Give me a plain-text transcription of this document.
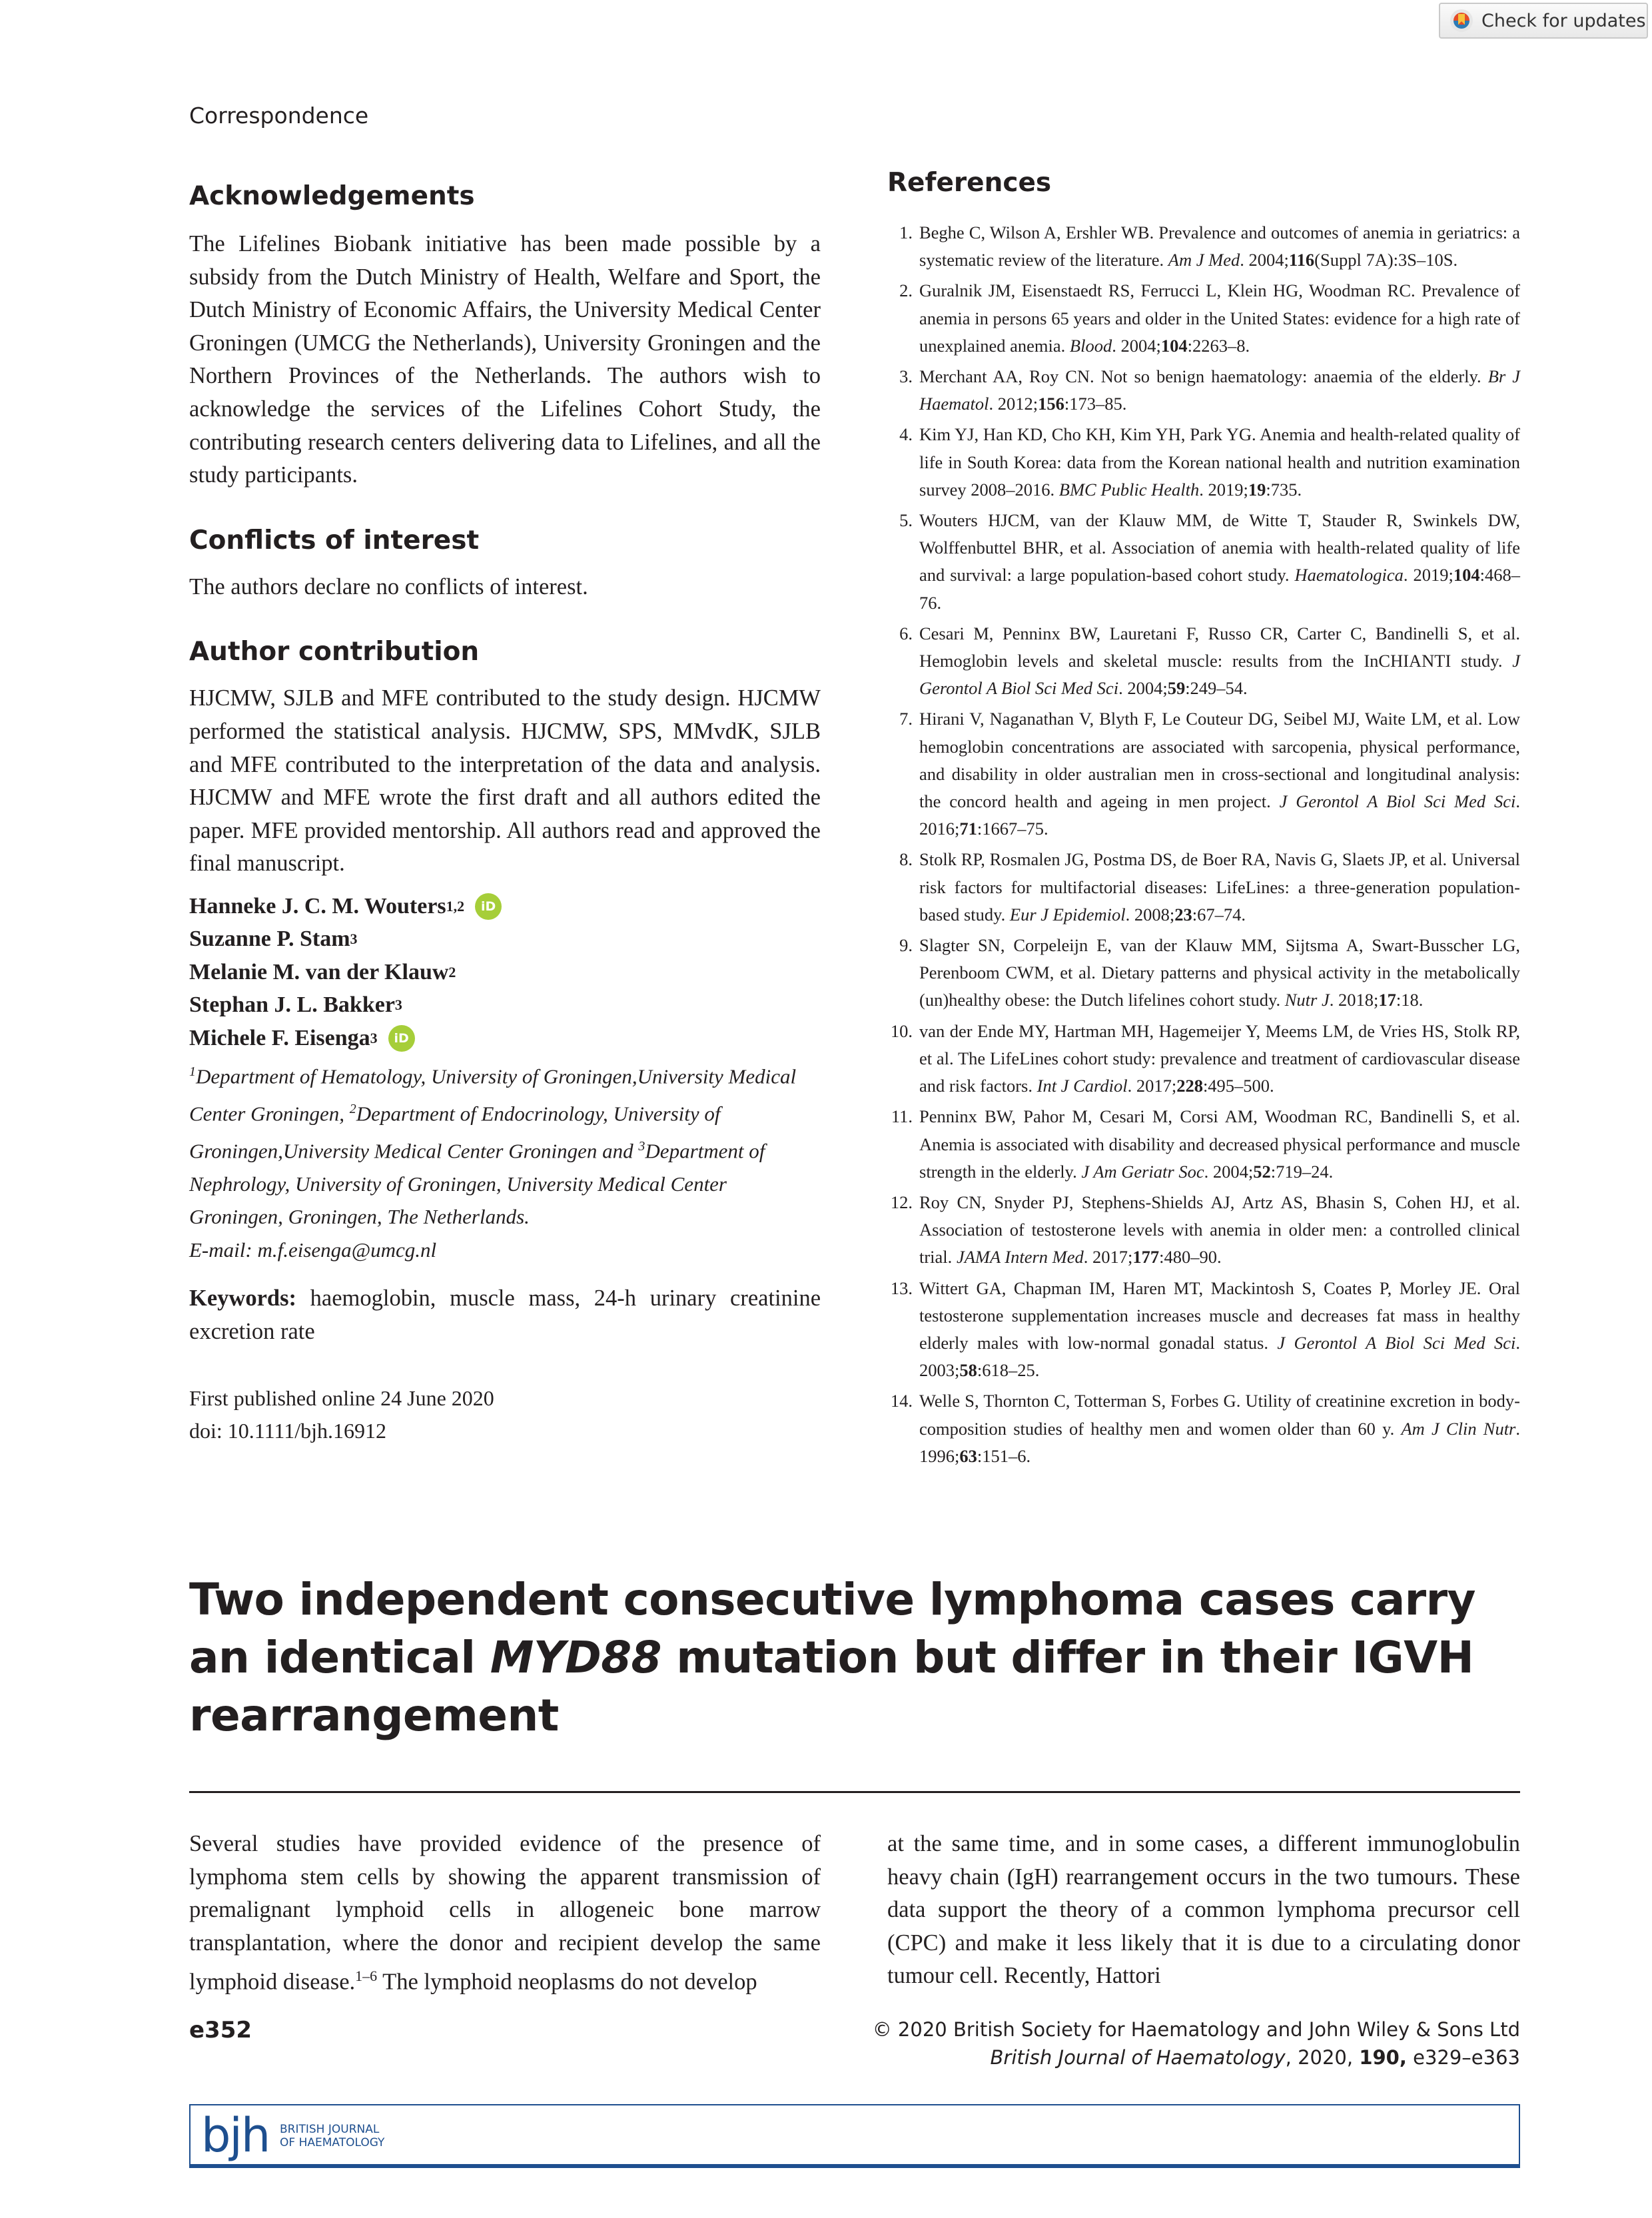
Check for updates
Correspondence
Acknowledgements

The Lifelines Biobank initiative has been made possible by a subsidy from the Dutch Ministry of Health, Welfare and Sport, the Dutch Ministry of Economic Affairs, the University Medical Center Groningen (UMCG the Netherlands), University Groningen and the Northern Provinces of the Netherlands. The authors wish to acknowledge the services of the Lifelines Cohort Study, the contributing research centers delivering data to Lifelines, and all the study participants.

Conflicts of interest

The authors declare no conflicts of interest.

Author contribution

HJCMW, SJLB and MFE contributed to the study design. HJCMW performed the statistical analysis. HJCMW, SPS, MMvdK, SJLB and MFE contributed to the interpretation of the data and analysis. HJCMW and MFE wrote the first draft and all authors edited the paper. MFE provided mentorship. All authors read and approved the final manuscript.

Hanneke J. C. M. Wouters 1,2	iD
Suzanne P. Stam 3
Melanie M. van der Klauw 2
Stephan J. L. Bakker 3
Michele F. Eisenga 3	iD

$^1$Department of Hematology, University of Groningen,University Medical Center Groningen, $^2$Department of Endocrinology, University of Groningen,University Medical Center Groningen and $^3$Department of Nephrology, University of Groningen, University Medical Center Groningen, Groningen, The Netherlands.

E-mail: m.f.eisenga@umcg.nl

Keywords: haemoglobin, muscle mass, 24-h urinary creatinine excretion rate

First published online 24 June 2020

doi: 10.1111/bjh.16912

References
1. Beghe C, Wilson A, Ershler WB. Prevalence and outcomes of anemia in geriatrics: a systematic review of the literature. Am J Med. 2004;116(Suppl 7A):3S–10S.
2. Guralnik JM, Eisenstaedt RS, Ferrucci L, Klein HG, Woodman RC. Prevalence of anemia in persons 65 years and older in the United States: evidence for a high rate of unexplained anemia. Blood. 2004;104:2263–8.
3. Merchant AA, Roy CN. Not so benign haematology: anaemia of the elderly. Br J Haematol. 2012;156:173–85.
4. Kim YJ, Han KD, Cho KH, Kim YH, Park YG. Anemia and health-related quality of life in South Korea: data from the Korean national health and nutrition examination survey 2008–2016. BMC Public Health. 2019;19:735.
5. Wouters HJCM, van der Klauw MM, de Witte T, Stauder R, Swinkels DW, Wolffenbuttel BHR, et al. Association of anemia with health-related quality of life and survival: a large population-based cohort study. Haematologica. 2019;104:468–76.
6. Cesari M, Penninx BW, Lauretani F, Russo CR, Carter C, Bandinelli S, et al. Hemoglobin levels and skeletal muscle: results from the InCHIANTI study. J Gerontol A Biol Sci Med Sci. 2004;59:249–54.
7. Hirani V, Naganathan V, Blyth F, Le Couteur DG, Seibel MJ, Waite LM, et al. Low hemoglobin concentrations are associated with sarcopenia, physical performance, and disability in older australian men in cross-sectional and longitudinal analysis: the concord health and ageing in men project. J Gerontol A Biol Sci Med Sci. 2016;71:1667–75.
8. Stolk RP, Rosmalen JG, Postma DS, de Boer RA, Navis G, Slaets JP, et al. Universal risk factors for multifactorial diseases: LifeLines: a three-generation population-based study. Eur J Epidemiol. 2008;23:67–74.
9. Slagter SN, Corpeleijn E, van der Klauw MM, Sijtsma A, Swart-Busscher LG, Perenboom CWM, et al. Dietary patterns and physical activity in the metabolically (un)healthy obese: the Dutch lifelines cohort study. Nutr J. 2018;17:18.
10. van der Ende MY, Hartman MH, Hagemeijer Y, Meems LM, de Vries HS, Stolk RP, et al. The LifeLines cohort study: prevalence and treatment of cardiovascular disease and risk factors. Int J Cardiol. 2017;228:495–500.
11. Penninx BW, Pahor M, Cesari M, Corsi AM, Woodman RC, Bandinelli S, et al. Anemia is associated with disability and decreased physical performance and muscle strength in the elderly. J Am Geriatr Soc. 2004;52:719–24.
12. Roy CN, Snyder PJ, Stephens-Shields AJ, Artz AS, Bhasin S, Cohen HJ, et al. Association of testosterone levels with anemia in older men: a controlled clinical trial. JAMA Intern Med. 2017;177:480–90.
13. Wittert GA, Chapman IM, Haren MT, Mackintosh S, Coates P, Morley JE. Oral testosterone supplementation increases muscle and decreases fat mass in healthy elderly males with low-normal gonadal status. J Gerontol A Biol Sci Med Sci. 2003;58:618–25.
14. Welle S, Thornton C, Totterman S, Forbes G. Utility of creatinine excretion in body-composition studies of healthy men and women older than 60 y. Am J Clin Nutr. 1996;63:151–6.
Two independent consecutive lymphoma cases carry an identical MYD88 mutation but differ in their IGVH rearrangement

Several studies have provided evidence of the presence of lymphoma stem cells by showing the apparent transmission of premalignant lymphoid cells in allogeneic bone marrow transplantation, where the donor and recipient develop the same lymphoid disease.$^{1-6}$ The lymphoid neoplasms do not develop

at the same time, and in some cases, a different immunoglobulin heavy chain (IgH) rearrangement occurs in the two tumours. These data support the theory of a common lymphoma precursor cell (CPC) and make it less likely that it is due to a circulating donor tumour cell. Recently, Hattori

e352	© 2020 British Society for Haematology and John Wiley & Sons Ltd
British Journal of Haematology, 2020, 190, e329–e363
bjh BRITISH JOURNAL
OF HAEMATOLOGY
